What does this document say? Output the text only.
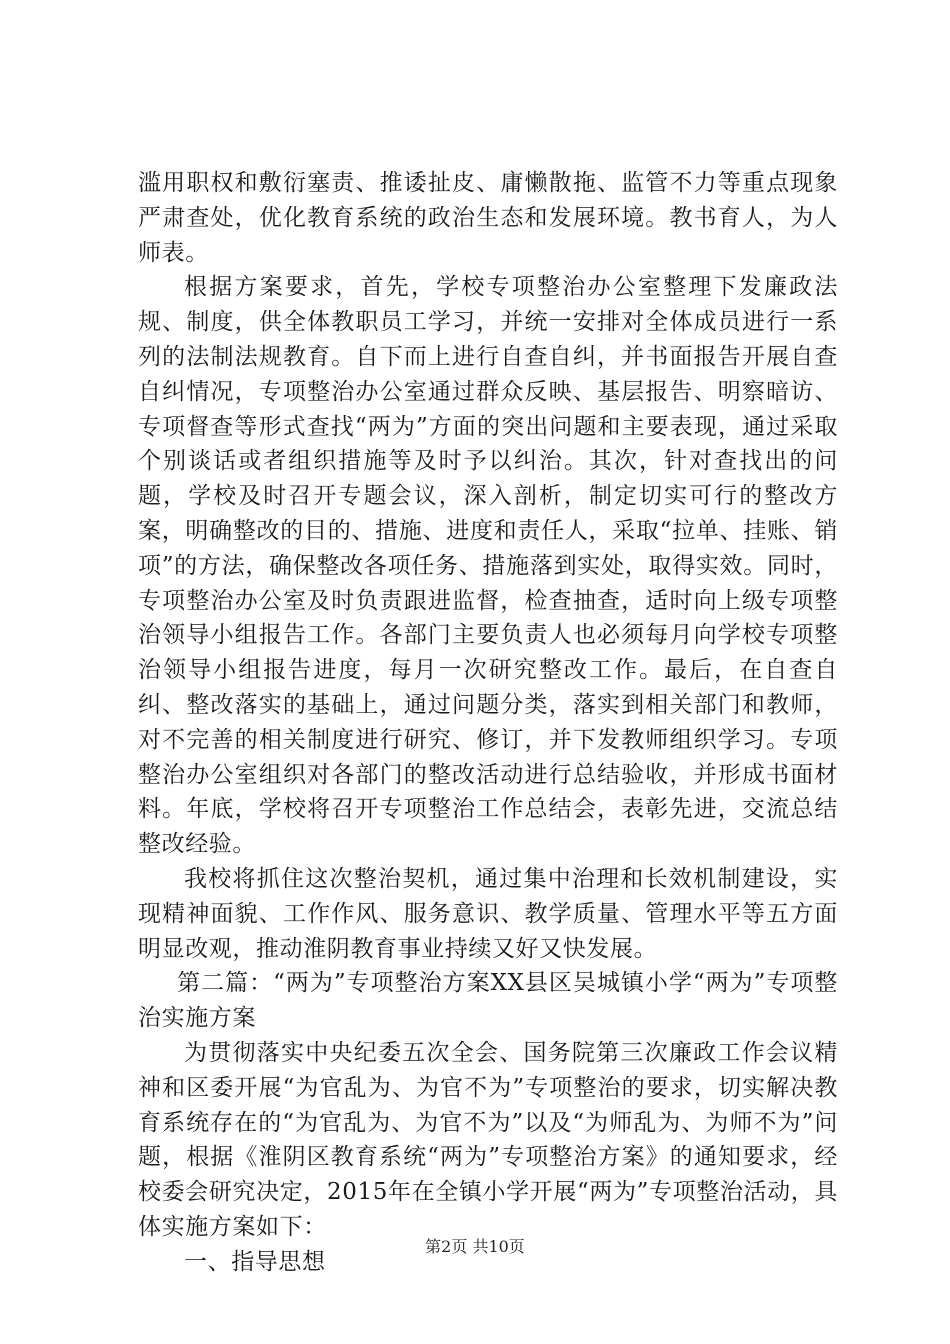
滥用职权和敷衍塞责、推诿扯皮、庸懒散拖、监管不力等重点现象严肃查处，优化教育系统的政治生态和发展环境。教书育人，为人师表。

根据方案要求，首先，学校专项整治办公室整理下发廉政法规、制度，供全体教职员工学习，并统一安排对全体成员进行一系列的法制法规教育。自下而上进行自查自纠，并书面报告开展自查自纠情况，专项整治办公室通过群众反映、基层报告、明察暗访、专项督查等形式查找“两为”方面的突出问题和主要表现，通过采取个别谈话或者组织措施等及时予以纠治。其次，针对查找出的问题，学校及时召开专题会议，深入剖析，制定切实可行的整改方案，明确整改的目的、措施、进度和责任人，采取“拉单、挂账、销项”的方法，确保整改各项任务、措施落到实处，取得实效。同时，专项整治办公室及时负责跟进监督，检查抽查，适时向上级专项整治领导小组报告工作。各部门主要负责人也必须每月向学校专项整治领导小组报告进度，每月一次研究整改工作。最后，在自查自纠、整改落实的基础上，通过问题分类，落实到相关部门和教师，对不完善的相关制度进行研究、修订，并下发教师组织学习。专项整治办公室组织对各部门的整改活动进行总结验收，并形成书面材料。年底，学校将召开专项整治工作总结会，表彰先进，交流总结整改经验。

我校将抓住这次整治契机，通过集中治理和长效机制建设，实现精神面貌、工作作风、服务意识、教学质量、管理水平等五方面明显改观，推动淮阴教育事业持续又好又快发展。

第二篇：“两为”专项整治方案XX县区吴城镇小学“两为”专项整治实施方案

为贯彻落实中央纪委五次全会、国务院第三次廉政工作会议精神和区委开展“为官乱为、为官不为”专项整治的要求，切实解决教育系统存在的“为官乱为、为官不为”以及“为师乱为、为师不为”问题，根据《淮阴区教育系统“两为”专项整治方案》的通知要求，经校委会研究决定，2015年在全镇小学开展“两为”专项整治活动，具体实施方案如下：

一、指导思想

第2页 共10页
